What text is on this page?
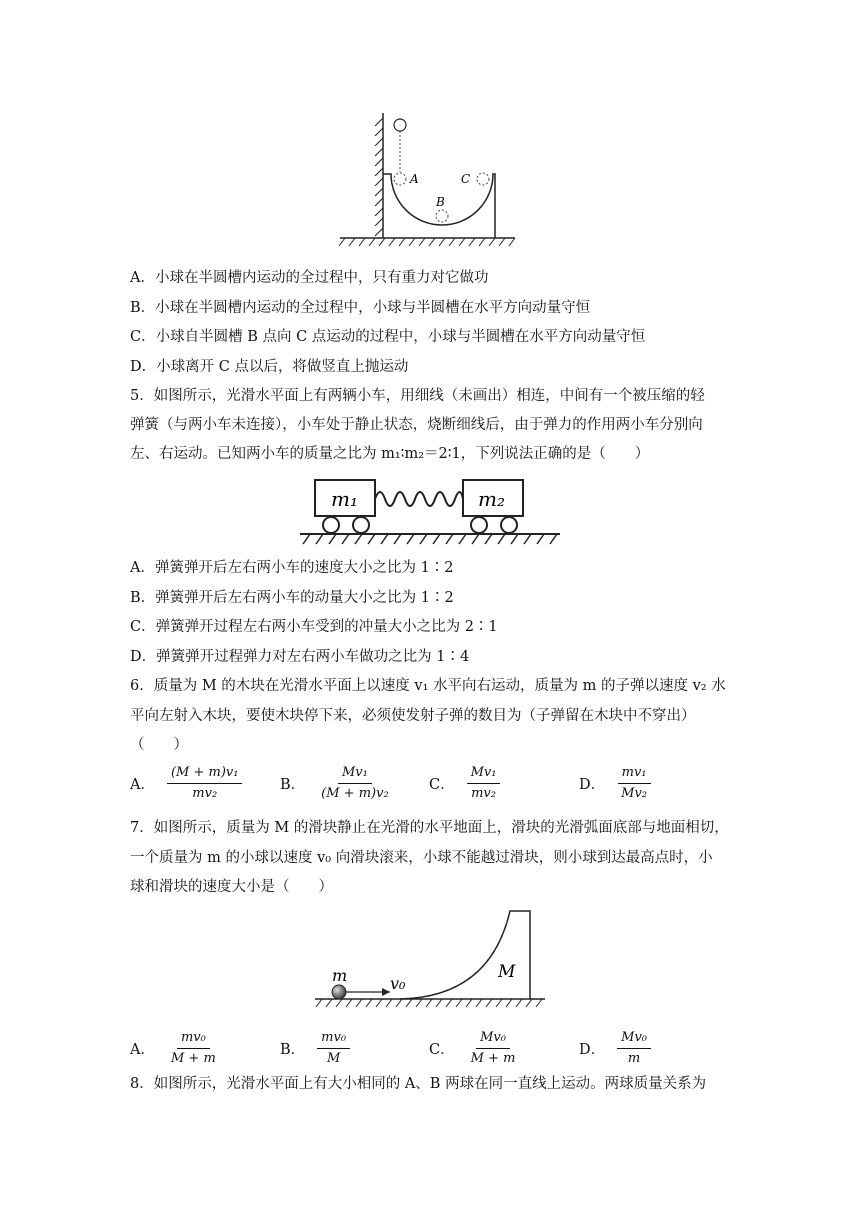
A
B
C
A．小球在半圆槽内运动的全过程中，只有重力对它做功
B．小球在半圆槽内运动的全过程中，小球与半圆槽在水平方向动量守恒
C．小球自半圆槽 B 点向 C 点运动的过程中，小球与半圆槽在水平方向动量守恒
D．小球离开 C 点以后，将做竖直上抛运动
5．如图所示，光滑水平面上有两辆小车，用细线（未画出）相连，中间有一个被压缩的轻
弹簧（与两小车未连接），小车处于静止状态，烧断细线后，由于弹力的作用两小车分别向
左、右运动。已知两小车的质量之比为 m₁∶m₂＝2∶1，下列说法正确的是（　　）
m₁	m₂
A．弹簧弹开后左右两小车的速度大小之比为 1∶2
B．弹簧弹开后左右两小车的动量大小之比为 1∶2
C．弹簧弹开过程左右两小车受到的冲量大小之比为 2∶1
D．弹簧弹开过程弹力对左右两小车做功之比为 1∶4
6．质量为 M 的木块在光滑水平面上以速度 v₁ 水平向右运动，质量为 m 的子弹以速度 v₂ 水
平向左射入木块，要使木块停下来，必须使发射子弹的数目为（子弹留在木块中不穿出）
（　　）
A． $\frac{\text{(M + m)v₁}}{\text{mv₂}}$	B． $\frac{\text{Mv₁}}{\text{(M + m)v₂}}$	C． $\frac{\text{Mv₁}}{\text{mv₂}}$	D． $\frac{\text{mv₁}}{\text{Mv₂}}$
7．如图所示，质量为 M 的滑块静止在光滑的水平地面上，滑块的光滑弧面底部与地面相切，
一个质量为 m 的小球以速度 v₀ 向滑块滚来，小球不能越过滑块，则小球到达最高点时，小
球和滑块的速度大小是（　　）
m	v₀
M
A． $\frac{\text{mv₀}}{M + m}$	B． $\frac{\text{mv₀}}{M}$	C． $\frac{\text{Mv₀}}{M + m}$	D． $\frac{\text{Mv₀}}{m}$
8．如图所示，光滑水平面上有大小相同的 A、B 两球在同一直线上运动。两球质量关系为
